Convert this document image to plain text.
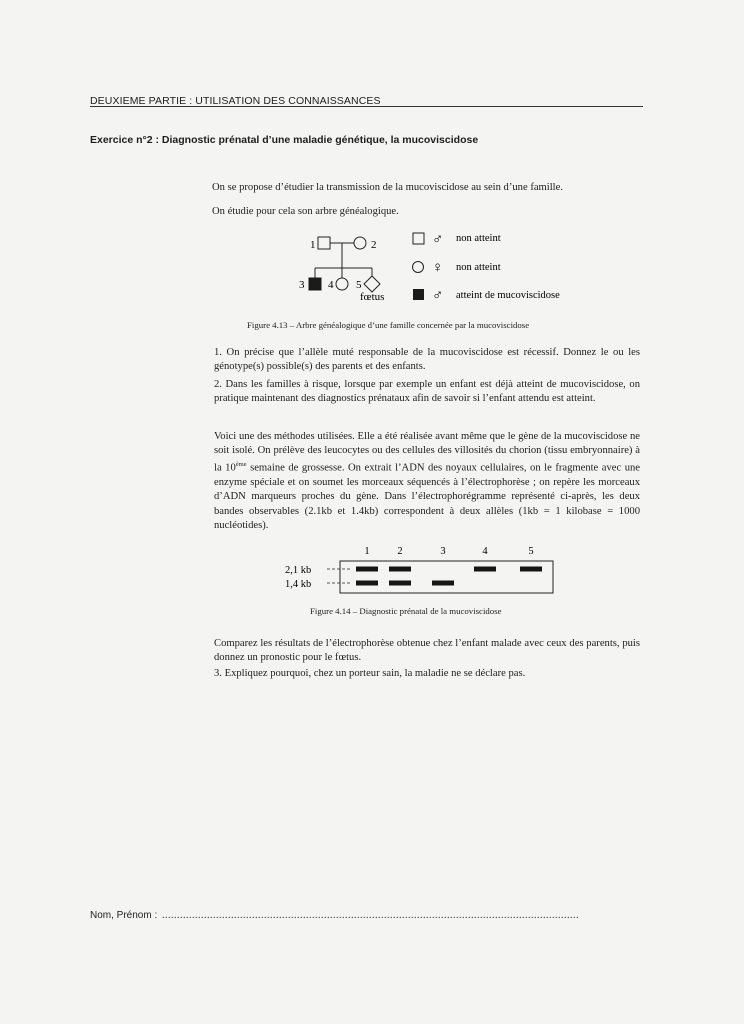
DEUXIEME PARTIE : UTILISATION DES CONNAISSANCES
Exercice n°2 : Diagnostic prénatal d’une maladie génétique, la mucoviscidose
On se propose d’étudier la transmission de la mucoviscidose au sein d’une famille.
On étudie pour cela son arbre généalogique.
1	2
3 4 5
fœtus
♂ non atteint
♀ non atteint
♂ atteint de mucoviscidose
Figure 4.13 – Arbre généalogique d’une famille concernée par la mucoviscidose
1. On précise que l’allèle muté responsable de la mucoviscidose est récessif. Donnez le ou les génotype(s) possible(s) des parents et des enfants.
2. Dans les familles à risque, lorsque par exemple un enfant est déjà atteint de mucoviscidose, on pratique maintenant des diagnostics prénataux afin de savoir si l’enfant attendu est atteint.
Voici une des méthodes utilisées. Elle a été réalisée avant même que le gène de la mucoviscidose ne soit isolé. On prélève des leucocytes ou des cellules des villosités du chorion (tissu embryonnaire) à la 10ème semaine de grossesse. On extrait l’ADN des noyaux cellulaires, on le fragmente avec une enzyme spéciale et on soumet les morceaux séquencés à l’électrophorèse ; on repère les morceaux d’ADN marqueurs proches du gène. Dans l’électrophorégramme représenté ci-après, les deux bandes observables (2.1kb et 1.4kb) correspondent à deux allèles (1kb = 1 kilobase = 1000 nucléotides).
1	2	3	4	5
2,1 kb
1,4 kb
Figure 4.14 – Diagnostic prénatal de la mucoviscidose
Comparez les résultats de l’électrophorèse obtenue chez l’enfant malade avec ceux des parents, puis donnez un pronostic pour le fœtus.
3. Expliquez pourquoi, chez un porteur sain, la maladie ne se déclare pas.
Nom, Prénom : ...........................................................................................................................................
